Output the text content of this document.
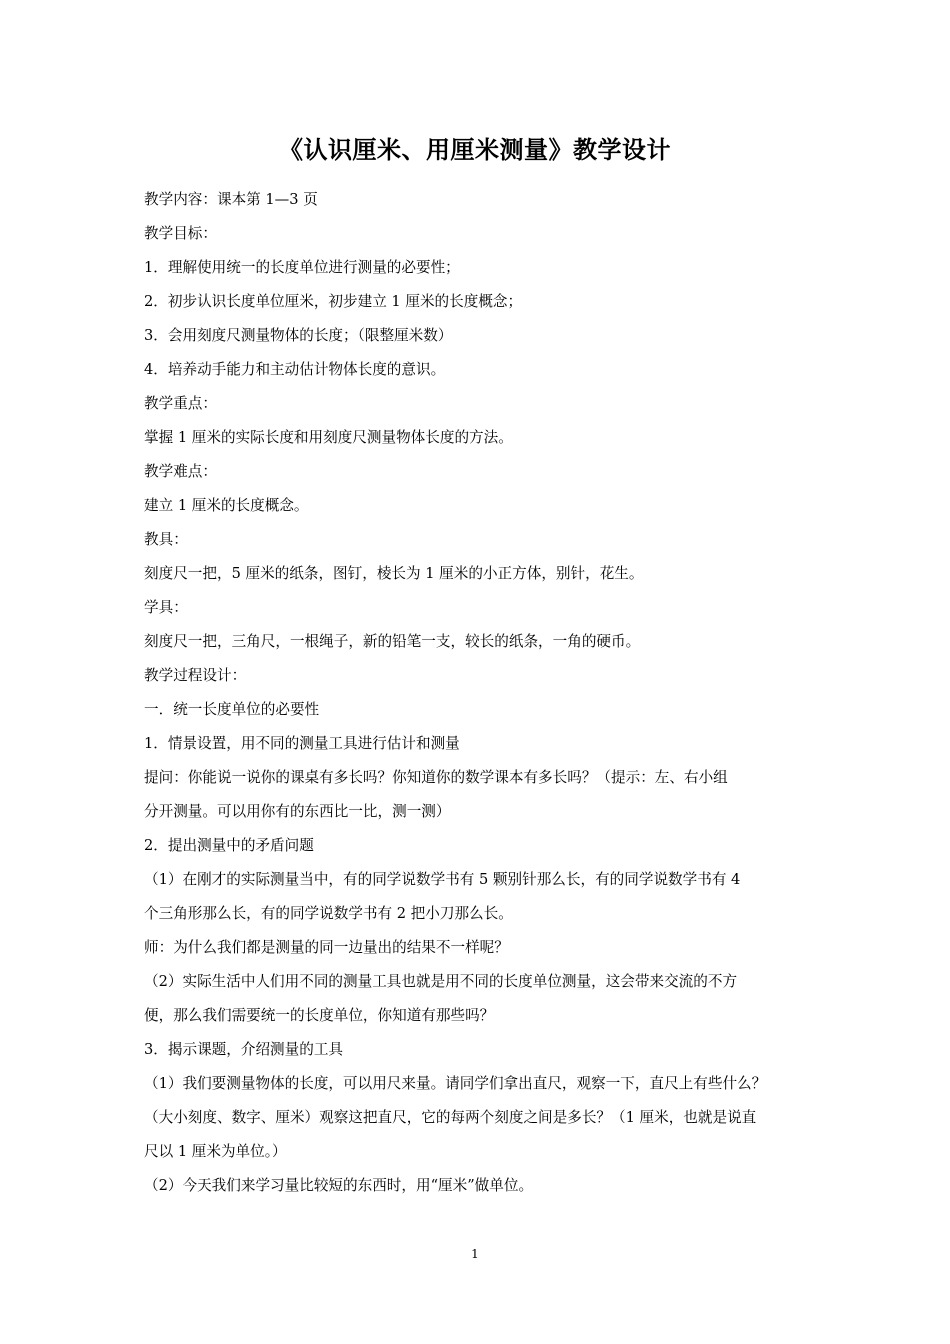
《认识厘米、用厘米测量》教学设计
教学内容：课本第 1—3 页
教学目标：
1．理解使用统一的长度单位进行测量的必要性；
2．初步认识长度单位厘米，初步建立 1 厘米的长度概念；
3．会用刻度尺测量物体的长度；（限整厘米数）
4．培养动手能力和主动估计物体长度的意识。
教学重点：
掌握 1 厘米的实际长度和用刻度尺测量物体长度的方法。
教学难点：
建立 1 厘米的长度概念。
教具：
刻度尺一把，5 厘米的纸条，图钉，棱长为 1 厘米的小正方体，别针，花生。
学具：
刻度尺一把，三角尺，一根绳子，新的铅笔一支，较长的纸条，一角的硬币。
教学过程设计：
一．统一长度单位的必要性
1．情景设置，用不同的测量工具进行估计和测量
提问：你能说一说你的课桌有多长吗？你知道你的数学课本有多长吗？（提示：左、右小组
分开测量。可以用你有的东西比一比，测一测）
2．提出测量中的矛盾问题
（1）在刚才的实际测量当中，有的同学说数学书有 5 颗别针那么长，有的同学说数学书有 4
个三角形那么长，有的同学说数学书有 2 把小刀那么长。
师：为什么我们都是测量的同一边量出的结果不一样呢？
（2）实际生活中人们用不同的测量工具也就是用不同的长度单位测量，这会带来交流的不方
便，那么我们需要统一的长度单位，你知道有那些吗？
3．揭示课题，介绍测量的工具
（1）我们要测量物体的长度，可以用尺来量。请同学们拿出直尺，观察一下，直尺上有些什么？
（大小刻度、数字、厘米）观察这把直尺，它的每两个刻度之间是多长？（1 厘米，也就是说直
尺以 1 厘米为单位。）
（2）今天我们来学习量比较短的东西时，用“厘米”做单位。
1
